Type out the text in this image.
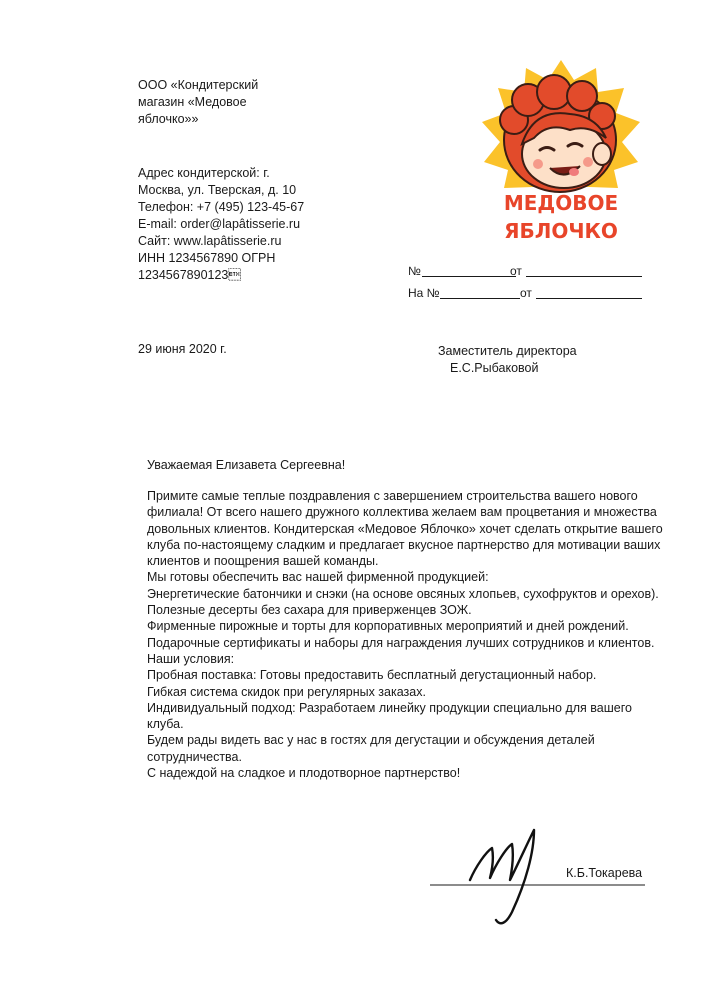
ООО «Кондитерский
магазин «Медовое
яблочко»»
Адрес кондитерской: г.
Москва, ул. Тверская, д. 10
Телефон: +7 (495) 123-45-67
E-mail: order@lapâtisserie.ru
Сайт: www.lapâtisserie.ru
ИНН 1234567890 ОГРН
1234567890123
МЕДОВОЕ
ЯБЛОЧКО
№	от
На №	от
29 июня 2020 г.	Заместитель директора
Е.С.Рыбаковой
Уважаемая Елизавета Сергеевна!
Примите самые теплые поздравления с завершением строительства вашего нового
филиала! От всего нашего дружного коллектива желаем вам процветания и множества
довольных клиентов. Кондитерская «Медовое Яблочко» хочет сделать открытие вашего
клуба по-настоящему сладким и предлагает вкусное партнерство для мотивации ваших
клиентов и поощрения вашей команды.
Мы готовы обеспечить вас нашей фирменной продукцией:
Энергетические батончики и снэки (на основе овсяных хлопьев, сухофруктов и орехов).
Полезные десерты без сахара для приверженцев ЗОЖ.
Фирменные пирожные и торты для корпоративных мероприятий и дней рождений.
Подарочные сертификаты и наборы для награждения лучших сотрудников и клиентов.
Наши условия:
Пробная поставка: Готовы предоставить бесплатный дегустационный набор.
Гибкая система скидок при регулярных заказах.
Индивидуальный подход: Разработаем линейку продукции специально для вашего
клуба.
Будем рады видеть вас у нас в гостях для дегустации и обсуждения деталей
сотрудничества.
С надеждой на сладкое и плодотворное партнерство!
К.Б.Токарева
